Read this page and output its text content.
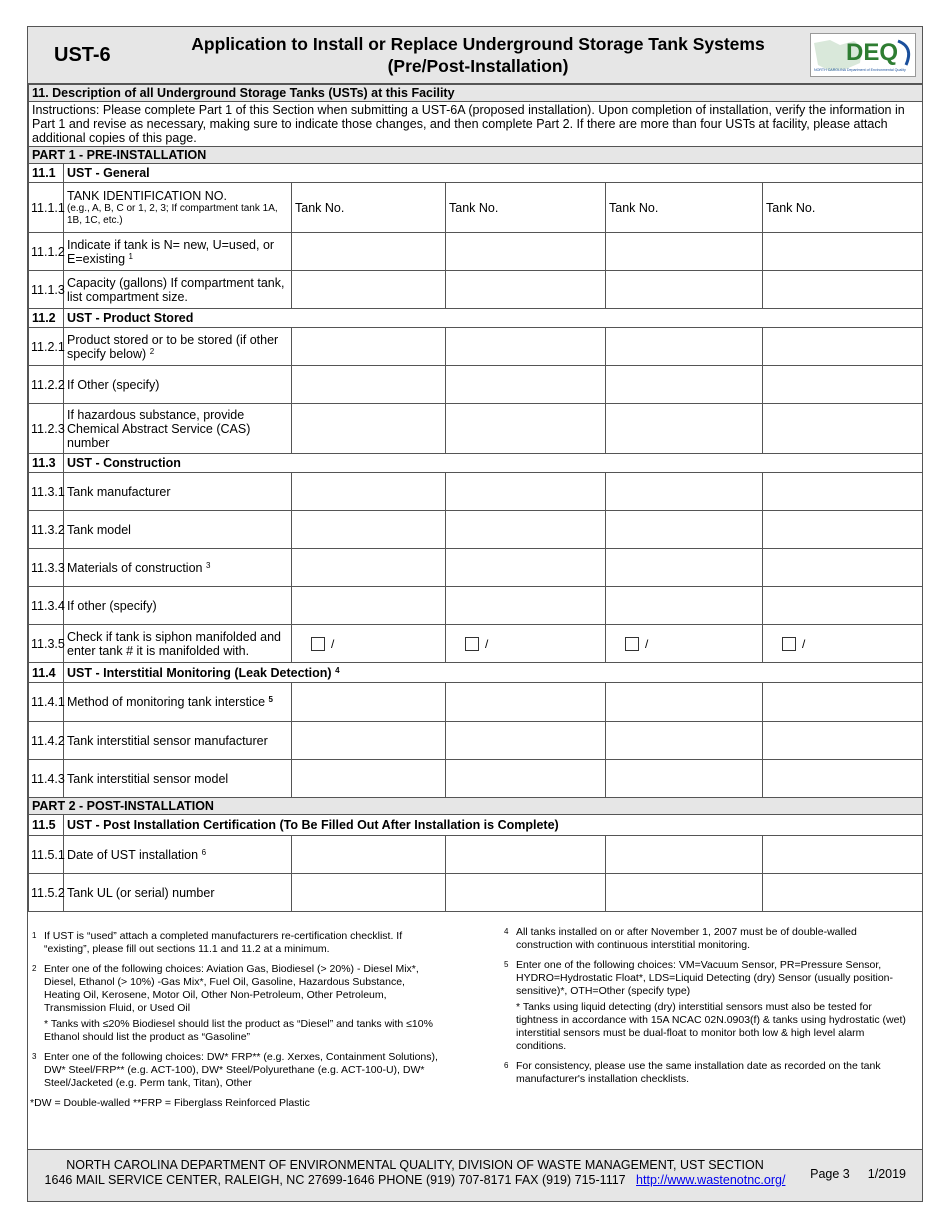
UST-6	Application to Install or Replace Underground Storage Tank Systems
(Pre/Post-Installation)	DEQ
NORTH CAROLINA Department of Environmental Quality
11. Description of all Underground Storage Tanks (USTs) at this Facility					
Instructions: Please complete Part 1 of this Section when submitting a UST-6A (proposed installation). Upon completion of installation, verify the information in Part 1 and revise as necessary, making sure to indicate those changes, and then complete Part 2. If there are more than four USTs at facility, please attach additional copies of this page.					
PART 1 - PRE-INSTALLATION					
11.1	UST - General				
11.1.1	TANK IDENTIFICATION NO.
(e.g., A, B, C or 1, 2, 3; If compartment tank 1A, 1B, 1C, etc.)	Tank No.	Tank No.	Tank No.	Tank No.
11.1.2	Indicate if tank is N= new, U=used, or E=existing $^1$				
11.1.3	Capacity (gallons) If compartment tank, list compartment size.				
11.2	UST - Product Stored				
11.2.1	Product stored or to be stored (if other specify below) $^2$				
11.2.2	If Other (specify)				
11.2.3	If hazardous substance, provide Chemical Abstract Service (CAS) number				
11.3	UST - Construction				
11.3.1	Tank manufacturer				
11.3.2	Tank model				
11.3.3	Materials of construction $^3$				
11.3.4	If other (specify)				
11.3.5	Check if tank is siphon manifolded and enter tank # it is manifolded with.	/	/	/	/

11.4	UST - Interstitial Monitoring (Leak Detection) $^4$
11.4.1	Method of monitoring tank interstice $^5$				
11.4.2	Tank interstitial sensor manufacturer				
11.4.3	Tank interstitial sensor model				
PART 2 - POST-INSTALLATION					
11.5	UST - Post Installation Certification (To Be Filled Out After Installation is Complete)				
11.5.1	Date of UST installation $^6$				
11.5.2	Tank UL (or serial) number				
1 If UST is “used” attach a completed manufacturers re-certification checklist. If “existing”, please fill out sections 11.1 and 11.2 at a minimum.
2 Enter one of the following choices: Aviation Gas, Biodiesel (> 20%) - Diesel Mix*, Diesel, Ethanol (> 10%) -Gas Mix*, Fuel Oil, Gasoline, Hazardous Substance, Heating Oil, Kerosene, Motor Oil, Other Non-Petroleum, Other Petroleum, Transmission Fluid, or Used Oil
* Tanks with ≤20% Biodiesel should list the product as “Diesel” and tanks with ≤10% Ethanol should list the product as “Gasoline”
3 Enter one of the following choices: DW* FRP** (e.g. Xerxes, Containment Solutions), DW* Steel/FRP** (e.g. ACT-100), DW* Steel/Polyurethane (e.g. ACT-100-U), DW* Steel/Jacketed (e.g. Perm tank, Titan), Other
*DW = Double-walled **FRP = Fiberglass Reinforced Plastic
4 All tanks installed on or after November 1, 2007 must be of double-walled construction with continuous interstitial monitoring.
5 Enter one of the following choices: VM=Vacuum Sensor, PR=Pressure Sensor, HYDRO=Hydrostatic Float*, LDS=Liquid Detecting (dry) Sensor (usually position-sensitive)*, OTH=Other (specify type)
* Tanks using liquid detecting (dry) interstitial sensors must also be tested for tightness in accordance with 15A NCAC 02N.0903(f) & tanks using hydrostatic (wet) interstitial sensors must be dual-float to monitor both low & high level alarm conditions.
6 For consistency, please use the same installation date as recorded on the tank manufacturer's installation checklists.
NORTH CAROLINA DEPARTMENT OF ENVIRONMENTAL QUALITY, DIVISION OF WASTE MANAGEMENT, UST SECTION
1646 MAIL SERVICE CENTER, RALEIGH, NC 27699-1646 PHONE (919) 707-8171 FAX (919) 715-1117 http://www.wastenotnc.org/	Page 3 1/2019
